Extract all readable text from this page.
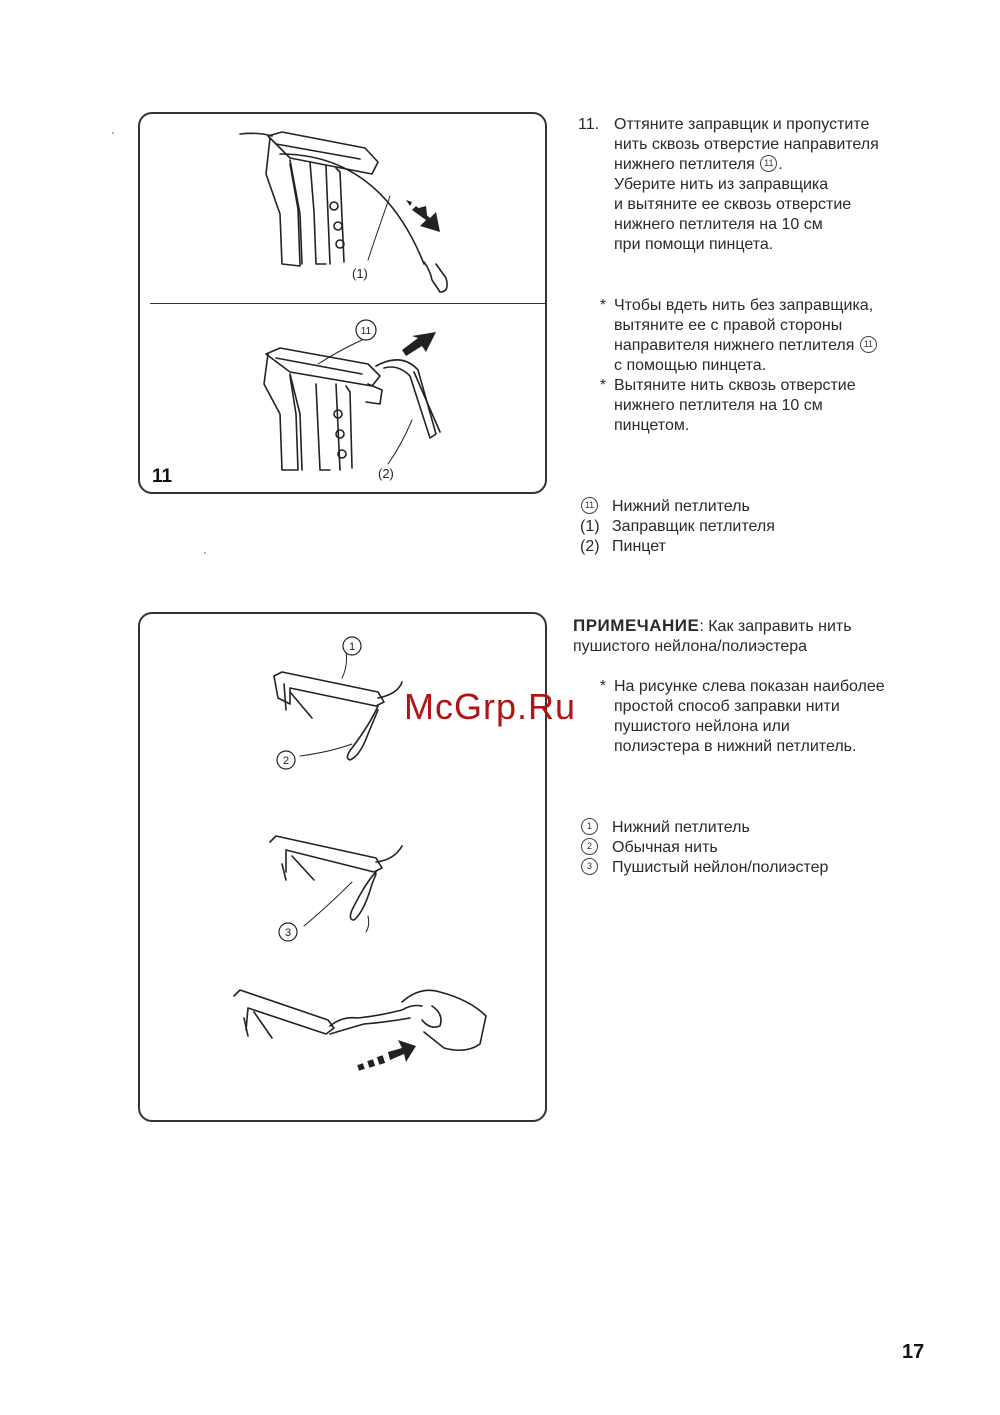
(1)
11
(2)
11
1
2
3
11. Оттяните заправщик и пропустите
нить сквозь отверстие направителя
нижнего петлителя 11 .
Уберите нить из заправщика
и вытяните ее сквозь отверстие
нижнего петлителя на 10 см
при помощи пинцета.
* Чтобы вдеть нить без заправщика,
вытяните ее с правой стороны
направителя нижнего петлителя 11
с помощью пинцета.
* Вытяните нить сквозь отверстие
нижнего петлителя на 10 см
пинцетом.
11	Нижний петлитель
(1) Заправщик петлителя
(2) Пинцет
ПРИМЕЧАНИЕ: Как заправить нить
пушистого нейлона/полиэстера
* На рисунке слева показан наиболее
простой способ заправки нити
пушистого нейлона или
полиэстера в нижний петлитель.
1	Нижний петлитель
2	Обычная нить
3	Пушистый нейлон/полиэстер
McGrp.Ru
17
